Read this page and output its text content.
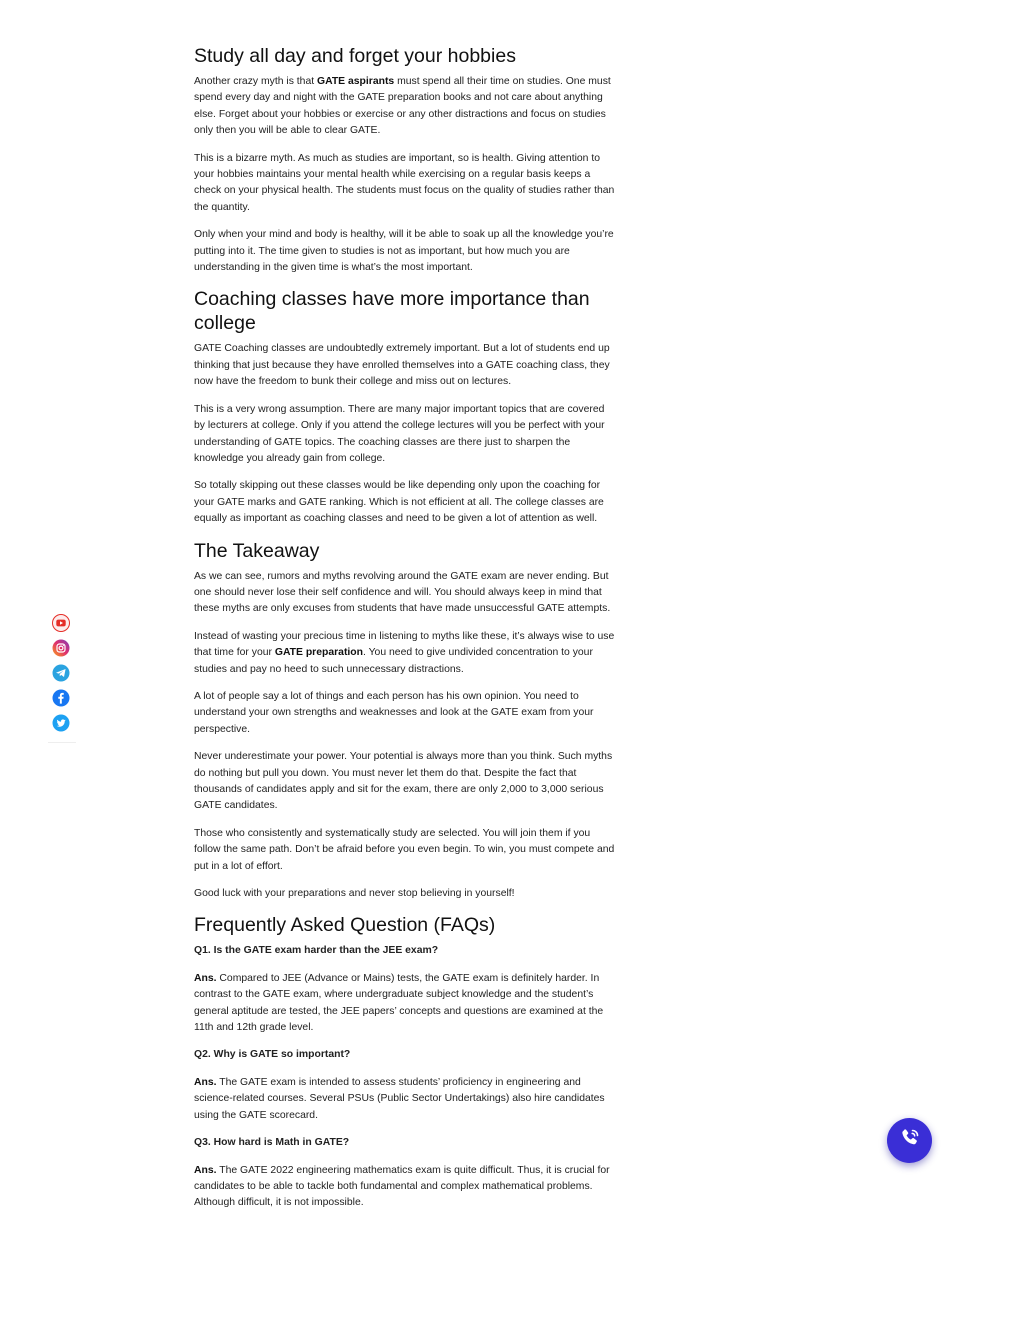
Study all day and forget your hobbies

Another crazy myth is that GATE aspirants must spend all their time on studies. One must spend every day and night with the GATE preparation books and not care about anything else. Forget about your hobbies or exercise or any other distractions and focus on studies only then you will be able to clear GATE.

This is a bizarre myth. As much as studies are important, so is health. Giving attention to your hobbies maintains your mental health while exercising on a regular basis keeps a check on your physical health. The students must focus on the quality of studies rather than the quantity.

Only when your mind and body is healthy, will it be able to soak up all the knowledge you’re putting into it. The time given to studies is not as important, but how much you are understanding in the given time is what’s the most important.

Coaching classes have more importance than college

GATE Coaching classes are undoubtedly extremely important. But a lot of students end up thinking that just because they have enrolled themselves into a GATE coaching class, they now have the freedom to bunk their college and miss out on lectures.

This is a very wrong assumption. There are many major important topics that are covered by lecturers at college. Only if you attend the college lectures will you be perfect with your understanding of GATE topics. The coaching classes are there just to sharpen the knowledge you already gain from college.

So totally skipping out these classes would be like depending only upon the coaching for your GATE marks and GATE ranking. Which is not efficient at all. The college classes are equally as important as coaching classes and need to be given a lot of attention as well.

The Takeaway

As we can see, rumors and myths revolving around the GATE exam are never ending. But one should never lose their self confidence and will. You should always keep in mind that these myths are only excuses from students that have made unsuccessful GATE attempts.

Instead of wasting your precious time in listening to myths like these, it’s always wise to use that time for your GATE preparation. You need to give undivided concentration to your studies and pay no heed to such unnecessary distractions.

A lot of people say a lot of things and each person has his own opinion. You need to understand your own strengths and weaknesses and look at the GATE exam from your perspective.

Never underestimate your power. Your potential is always more than you think. Such myths do nothing but pull you down. You must never let them do that. Despite the fact that thousands of candidates apply and sit for the exam, there are only 2,000 to 3,000 serious GATE candidates.

Those who consistently and systematically study are selected. You will join them if you follow the same path. Don’t be afraid before you even begin. To win, you must compete and put in a lot of effort.

Good luck with your preparations and never stop believing in yourself!

Frequently Asked Question (FAQs)

Q1. Is the GATE exam harder than the JEE exam?

Ans. Compared to JEE (Advance or Mains) tests, the GATE exam is definitely harder. In contrast to the GATE exam, where undergraduate subject knowledge and the student’s general aptitude are tested, the JEE papers’ concepts and questions are examined at the 11th and 12th grade level.

Q2. Why is GATE so important?

Ans. The GATE exam is intended to assess students’ proficiency in engineering and science-related courses. Several PSUs (Public Sector Undertakings) also hire candidates using the GATE scorecard.

Q3. How hard is Math in GATE?

Ans. The GATE 2022 engineering mathematics exam is quite difficult. Thus, it is crucial for candidates to be able to tackle both fundamental and complex mathematical problems. Although difficult, it is not impossible.
